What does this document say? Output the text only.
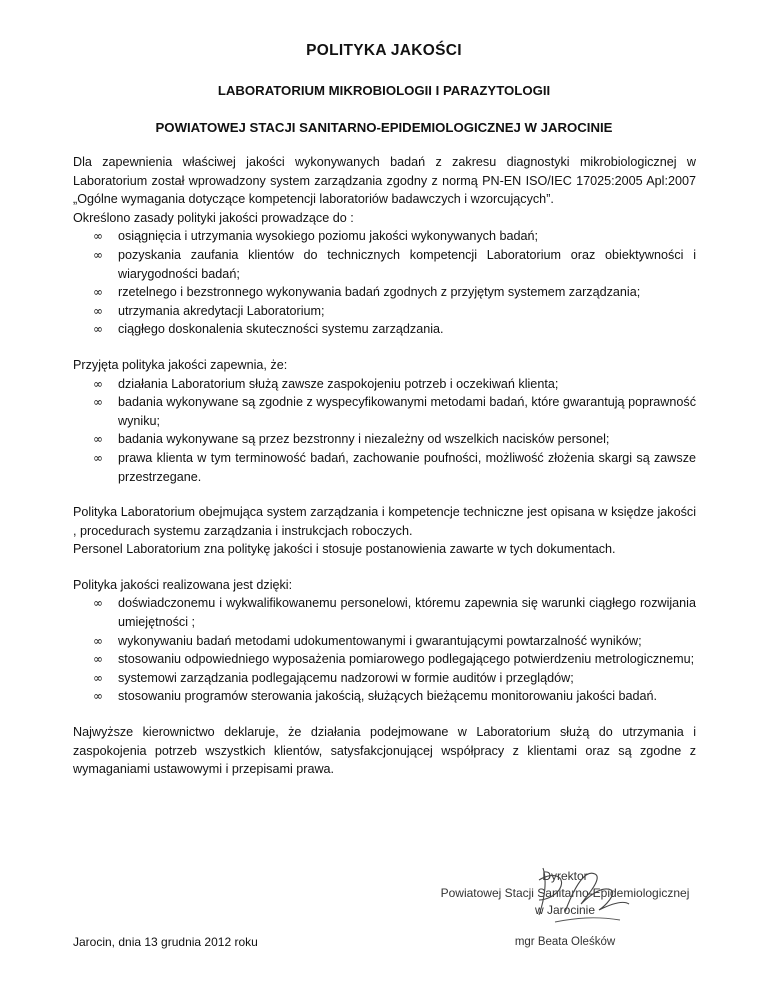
POLITYKA JAKOŚCI
LABORATORIUM MIKROBIOLOGII I PARAZYTOLOGII
POWIATOWEJ STACJI SANITARNO-EPIDEMIOLOGICZNEJ W JAROCINIE

Dla zapewnienia właściwej jakości wykonywanych badań z zakresu diagnostyki mikrobiologicznej w Laboratorium został wprowadzony system zarządzania zgodny z normą PN-EN ISO/IEC 17025:2005 Apl:2007 „Ogólne wymagania dotyczące kompetencji laboratoriów badawczych i wzorcujących”.

Określono zasady polityki jakości prowadzące do :

∞ osiągnięcia i utrzymania wysokiego poziomu jakości wykonywanych badań;
∞ pozyskania zaufania klientów do technicznych kompetencji Laboratorium oraz obiektywności i wiarygodności badań;
∞ rzetelnego i bezstronnego wykonywania badań zgodnych z przyjętym systemem zarządzania;
∞ utrzymania akredytacji Laboratorium;
∞ ciągłego doskonalenia skuteczności systemu zarządzania.

Przyjęta polityka jakości zapewnia, że:

∞ działania Laboratorium służą zawsze zaspokojeniu potrzeb i oczekiwań klienta;
∞ badania wykonywane są zgodnie z wyspecyfikowanymi metodami badań, które gwarantują poprawność wyniku;
∞ badania wykonywane są przez bezstronny i niezależny od wszelkich nacisków personel;
∞ prawa klienta w tym terminowość badań, zachowanie poufności, możliwość złożenia skargi są zawsze przestrzegane.

Polityka Laboratorium obejmująca system zarządzania i kompetencje techniczne jest opisana w księdze jakości , procedurach systemu zarządzania i instrukcjach roboczych.

Personel Laboratorium zna politykę jakości i stosuje postanowienia zawarte w tych dokumentach.

Polityka jakości realizowana jest dzięki:

∞ doświadczonemu i wykwalifikowanemu personelowi, któremu zapewnia się warunki ciągłego rozwijania umiejętności ;
∞ wykonywaniu badań metodami udokumentowanymi i gwarantującymi powtarzalność wyników;
∞ stosowaniu odpowiedniego wyposażenia pomiarowego podlegającego potwierdzeniu metrologicznemu;
∞ systemowi zarządzania podlegającemu nadzorowi w formie auditów i przeglądów;
∞ stosowaniu programów sterowania jakością, służących bieżącemu monitorowaniu jakości badań.

Najwyższe kierownictwo deklaruje, że działania podejmowane w Laboratorium służą do utrzymania i zaspokojenia potrzeb wszystkich klientów, satysfakcjonującej współpracy z klientami oraz są zgodne z wymaganiami ustawowymi i przepisami prawa.

Jarocin, dnia 13 grudnia 2012 roku
Dyrektor
Powiatowej Stacji Sanitarno-Epidemiologicznej
w Jarocinie
mgr Beata Oleśków
